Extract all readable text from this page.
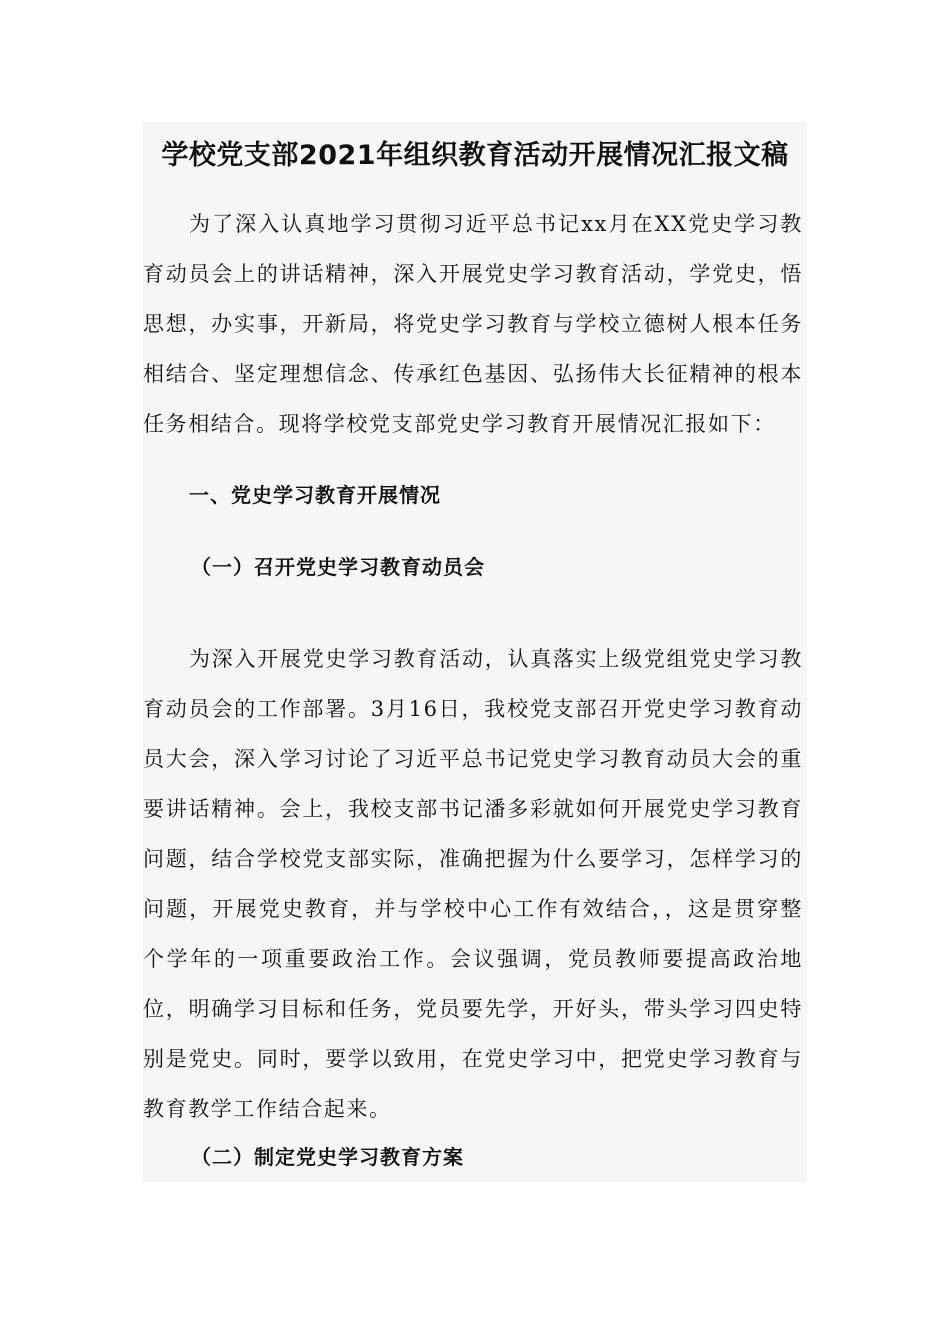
学校党支部2021年组织教育活动开展情况汇报文稿

为了深入认真地学习贯彻习近平总书记xx月在XX党史学习教育动员会上的讲话精神，深入开展党史学习教育活动，学党史，悟思想，办实事，开新局，将党史学习教育与学校立德树人根本任务相结合、坚定理想信念、传承红色基因、弘扬伟大长征精神的根本任务相结合。现将学校党支部党史学习教育开展情况汇报如下：

一、党史学习教育开展情况
（一）召开党史学习教育动员会

为深入开展党史学习教育活动，认真落实上级党组党史学习教育动员会的工作部署。3月16日，我校党支部召开党史学习教育动员大会，深入学习讨论了习近平总书记党史学习教育动员大会的重要讲话精神。会上，我校支部书记潘多彩就如何开展党史学习教育问题，结合学校党支部实际，准确把握为什么要学习，怎样学习的问题，开展党史教育，并与学校中心工作有效结合，，这是贯穿整个学年的一项重要政治工作。会议强调，党员教师要提高政治地位，明确学习目标和任务，党员要先学，开好头，带头学习四史特别是党史。同时，要学以致用，在党史学习中，把党史学习教育与教育教学工作结合起来。

（二）制定党史学习教育方案
